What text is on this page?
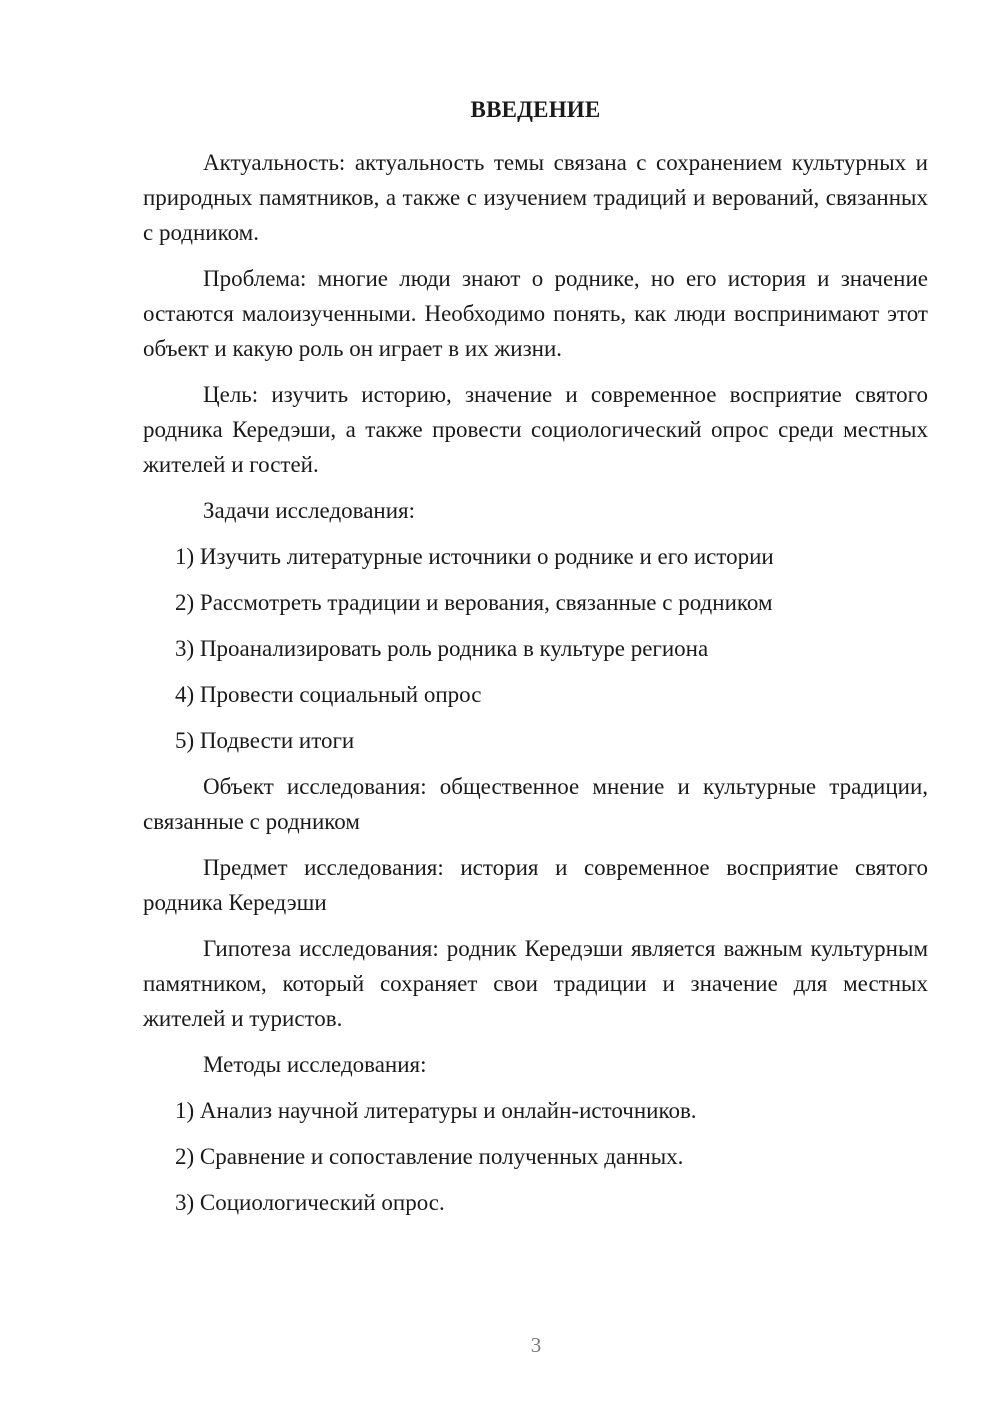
ВВЕДЕНИЕ

Актуальность: актуальность темы связана с сохранением культурных и природных памятников, а также с изучением традиций и верований, связанных с родником.

Проблема: многие люди знают о роднике, но его история и значение остаются малоизученными. Необходимо понять, как люди воспринимают этот объект и какую роль он играет в их жизни.

Цель: изучить историю, значение и современное восприятие святого родника Кередэши, а также провести социологический опрос среди местных жителей и гостей.

Задачи исследования:

1) Изучить литературные источники о роднике и его истории
2) Рассмотреть традиции и верования, связанные с родником
3) Проанализировать роль родника в культуре региона
4) Провести социальный опрос
5) Подвести итоги

Объект исследования: общественное мнение и культурные традиции, связанные с родником

Предмет исследования: история и современное восприятие святого родника Кередэши

Гипотеза исследования: родник Кередэши является важным культурным памятником, который сохраняет свои традиции и значение для местных жителей и туристов.

Методы исследования:

1) Анализ научной литературы и онлайн-источников.
2) Сравнение и сопоставление полученных данных.
3) Социологический опрос.
3
